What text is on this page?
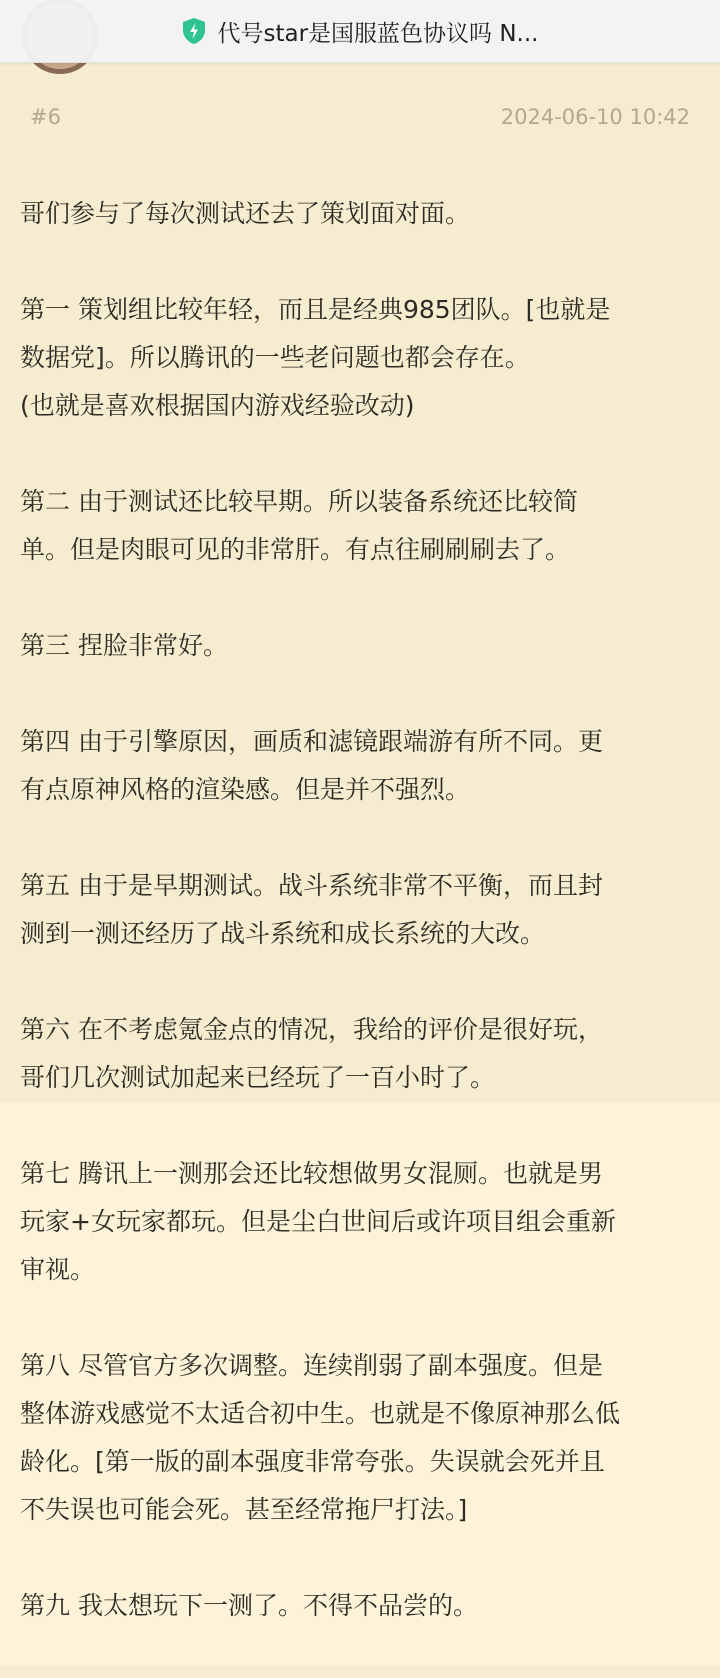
代号star是国服蓝色协议吗 N...
#6	2024-06-10 10:42
哥们参与了每次测试还去了策划面对面。
第一 策划组比较年轻，而且是经典985团队。[也就是
数据党]。所以腾讯的一些老问题也都会存在。
(也就是喜欢根据国内游戏经验改动)
第二 由于测试还比较早期。所以装备系统还比较简
单。但是肉眼可见的非常肝。有点往刷刷刷去了。
第三 捏脸非常好。
第四 由于引擎原因，画质和滤镜跟端游有所不同。更
有点原神风格的渲染感。但是并不强烈。
第五 由于是早期测试。战斗系统非常不平衡，而且封
测到一测还经历了战斗系统和成长系统的大改。
第六 在不考虑氪金点的情况，我给的评价是很好玩，
哥们几次测试加起来已经玩了一百小时了。
第七 腾讯上一测那会还比较想做男女混厕。也就是男
玩家+女玩家都玩。但是尘白世间后或许项目组会重新
审视。
第八 尽管官方多次调整。连续削弱了副本强度。但是
整体游戏感觉不太适合初中生。也就是不像原神那么低
龄化。[第一版的副本强度非常夸张。失误就会死并且
不失误也可能会死。甚至经常拖尸打法。]
第九 我太想玩下一测了。不得不品尝的。
